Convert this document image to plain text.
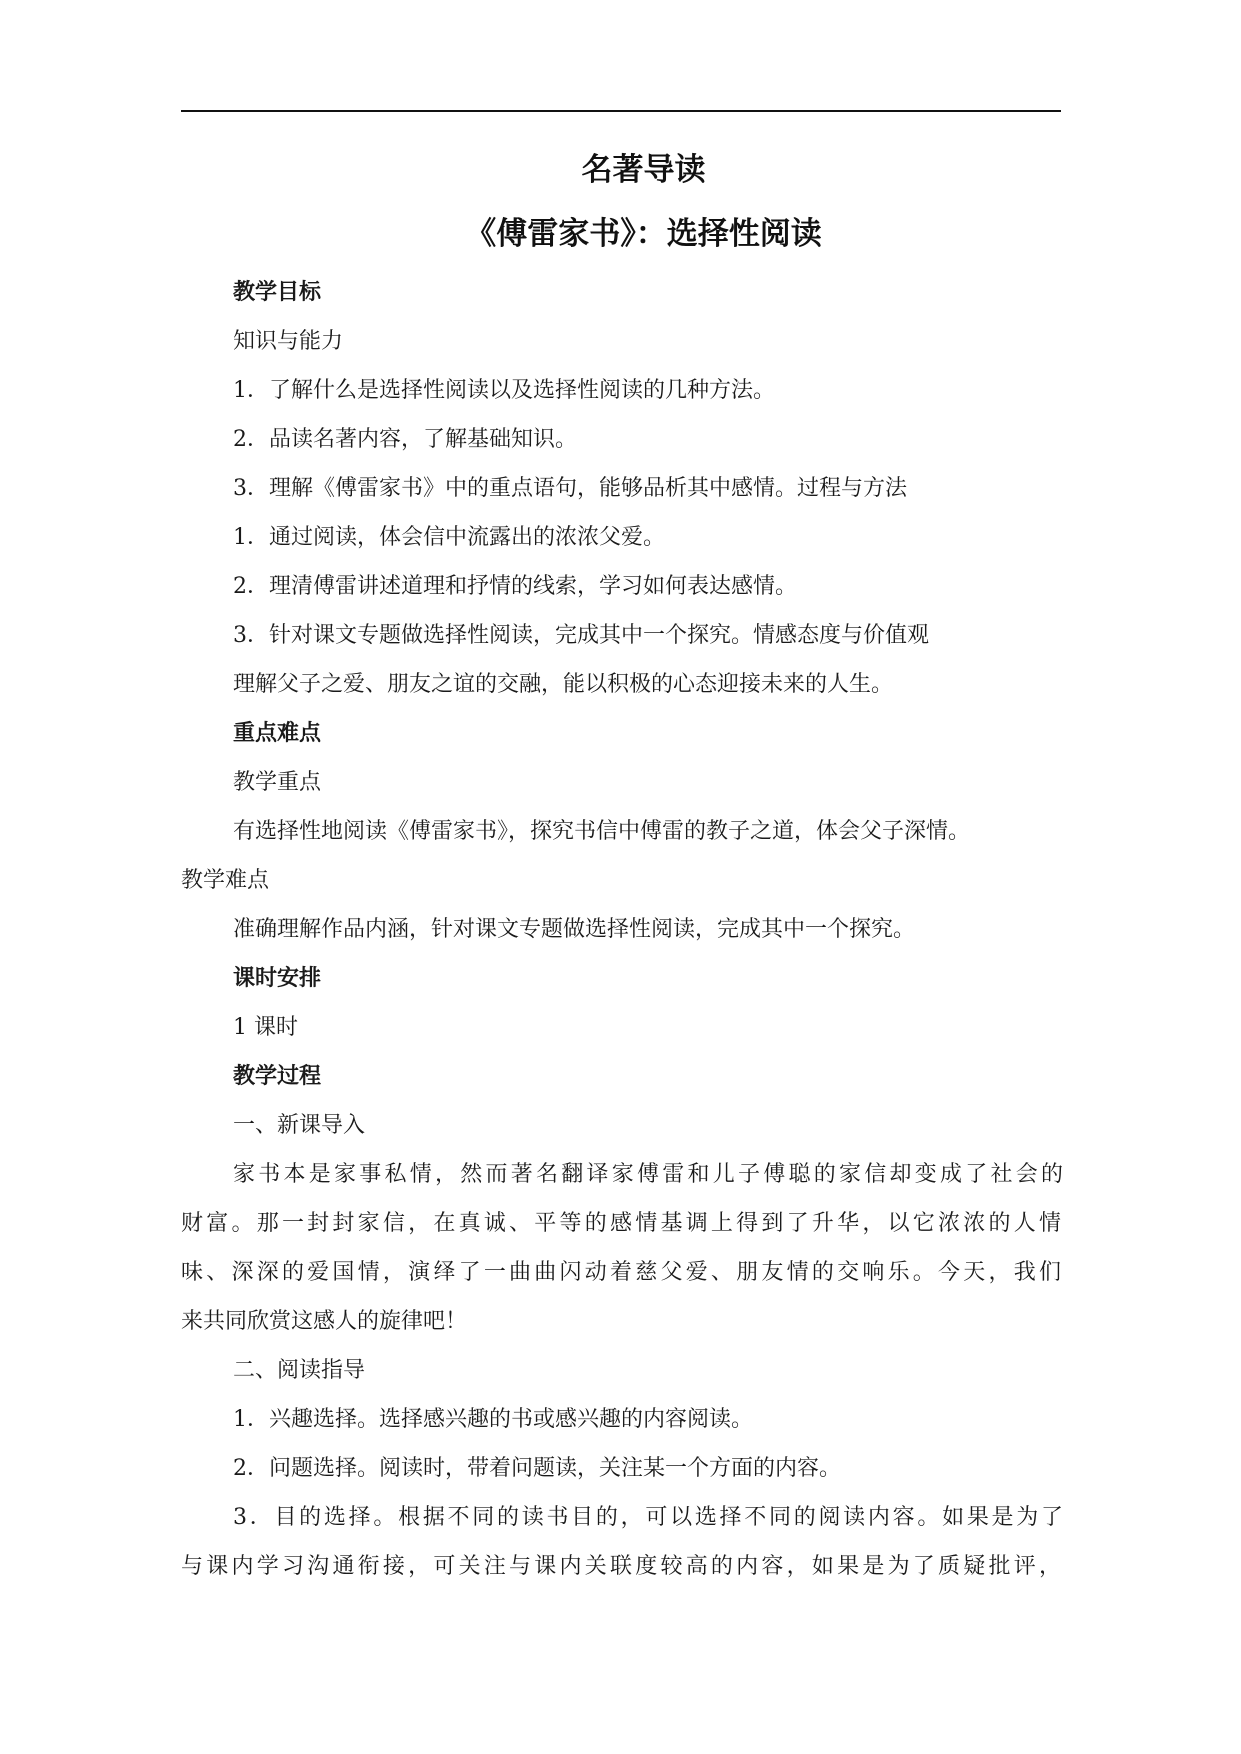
名著导读
《傅雷家书》：选择性阅读

教学目标

知识与能力

1．了解什么是选择性阅读以及选择性阅读的几种方法。

2．品读名著内容，了解基础知识。

3．理解《傅雷家书》中的重点语句，能够品析其中感情。过程与方法

1．通过阅读，体会信中流露出的浓浓父爱。

2．理清傅雷讲述道理和抒情的线索，学习如何表达感情。

3．针对课文专题做选择性阅读，完成其中一个探究。情感态度与价值观

理解父子之爱、朋友之谊的交融，能以积极的心态迎接未来的人生。

重点难点

教学重点

有选择性地阅读《傅雷家书》，探究书信中傅雷的教子之道，体会父子深情。

教学难点

准确理解作品内涵，针对课文专题做选择性阅读，完成其中一个探究。

课时安排

1 课时

教学过程

一、新课导入

家书本是家事私情，然而著名翻译家傅雷和儿子傅聪的家信却变成了社会的

财富。那一封封家信，在真诚、平等的感情基调上得到了升华，以它浓浓的人情

味、深深的爱国情，演绎了一曲曲闪动着慈父爱、朋友情的交响乐。今天，我们

来共同欣赏这感人的旋律吧！

二、阅读指导

1．兴趣选择。选择感兴趣的书或感兴趣的内容阅读。

2．问题选择。阅读时，带着问题读，关注某一个方面的内容。

3．目的选择。根据不同的读书目的，可以选择不同的阅读内容。如果是为了

与课内学习沟通衔接，可关注与课内关联度较高的内容，如果是为了质疑批评，
